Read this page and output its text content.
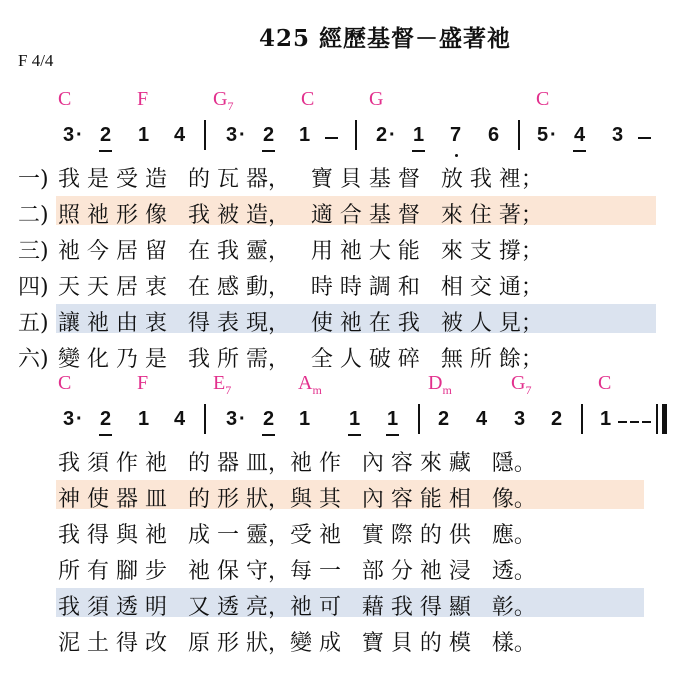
425 經歷基督－盛著祂
F 4/4
C	F	$G_7$	C	G	C
3 · 2 1 4 3 · 2 1	2 · 1 7 6 5 · 4 3
一) 我 是 受 造   的 瓦 器，   寶 貝 基 督   放 我 裡；
二) 照 祂 形 像   我 被 造，   適 合 基 督   來 住 著；
三) 祂 今 居 留   在 我 靈，   用 祂 大 能   來 支 撐；
四) 天 天 居 衷   在 感 動，   時 時 調 和   相 交 通；
五) 讓 祂 由 衷   得 表 現，   使 祂 在 我   被 人 見；
六) 變 化 乃 是   我 所 需，   全 人 破 碎   無 所 餘；
C	F	$E_7$	$A_m$	$D_m$	$G_7$	C
3 · 2 1 4 3 · 2 1 1 1 2 4 3 2 1
我 須 作 祂   的 器 皿，祂 作   內 容 來 藏   隱。
神 使 器 皿   的 形 狀，與 其   內 容 能 相   像。
我 得 與 祂   成 一 靈，受 祂   實 際 的 供   應。
所 有 腳 步   祂 保 守，每 一   部 分 祂 浸   透。
我 須 透 明   又 透 亮，祂 可   藉 我 得 顯   彰。
泥 土 得 改   原 形 狀，變 成   寶 貝 的 模   樣。
